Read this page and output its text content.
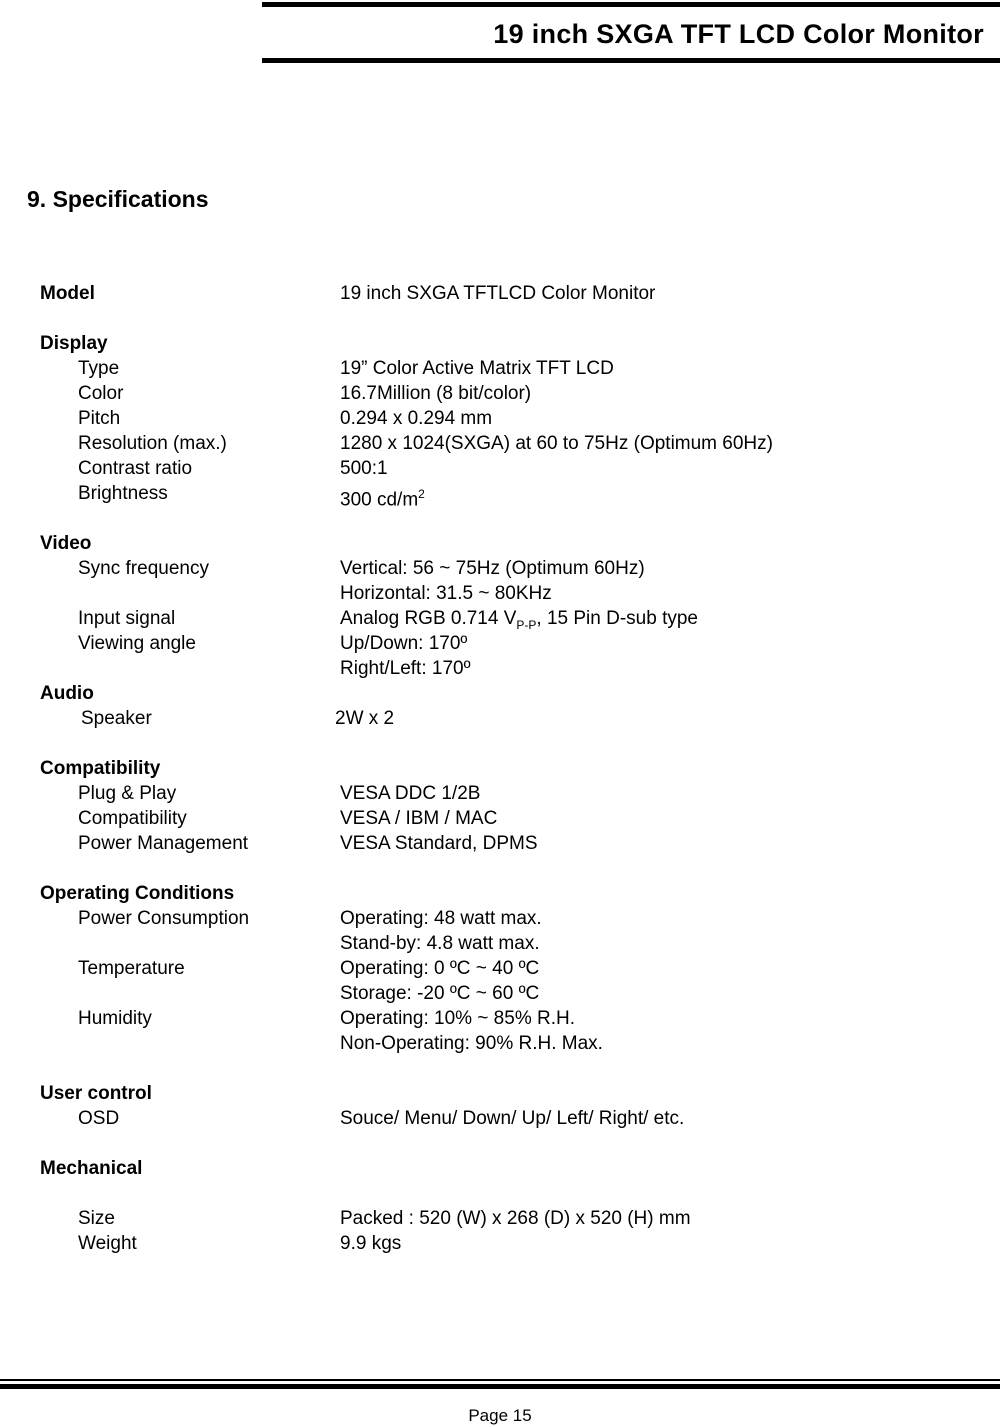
19 inch SXGA TFT LCD Color Monitor
9. Specifications
Model	19 inch SXGA TFTLCD Color Monitor
Display
Type	19” Color Active Matrix TFT LCD
Color	16.7Million (8 bit/color)
Pitch	0.294 x 0.294 mm
Resolution (max.)	1280 x 1024(SXGA) at 60 to 75Hz (Optimum 60Hz)
Contrast ratio	500:1
Brightness	300 $cd/m^2$
Video
Sync frequency	Vertical: 56 ~ 75Hz (Optimum 60Hz)
Horizontal: 31.5 ~ 80KHz
Input signal	Analog RGB 0.714 $V_{P-P}$, 15 Pin D-sub type
Viewing angle	Up/Down: 170º
Right/Left: 170º
Audio
Speaker	2W x 2
Compatibility
Plug & Play	VESA DDC 1/2B
Compatibility	VESA / IBM / MAC
Power Management	VESA Standard, DPMS
Operating Conditions
Power Consumption	Operating: 48 watt max.
Stand-by: 4.8 watt max.
Temperature	Operating: 0 ºC ~ 40 ºC
Storage: -20 ºC ~ 60 ºC
Humidity	Operating: 10% ~ 85% R.H.
Non-Operating: 90% R.H. Max.
User control
OSD	Souce/ Menu/ Down/ Up/ Left/ Right/ etc.
Mechanical
Size	Packed : 520 (W) x 268 (D) x 520 (H) mm
Weight	9.9 kgs
Page 15
